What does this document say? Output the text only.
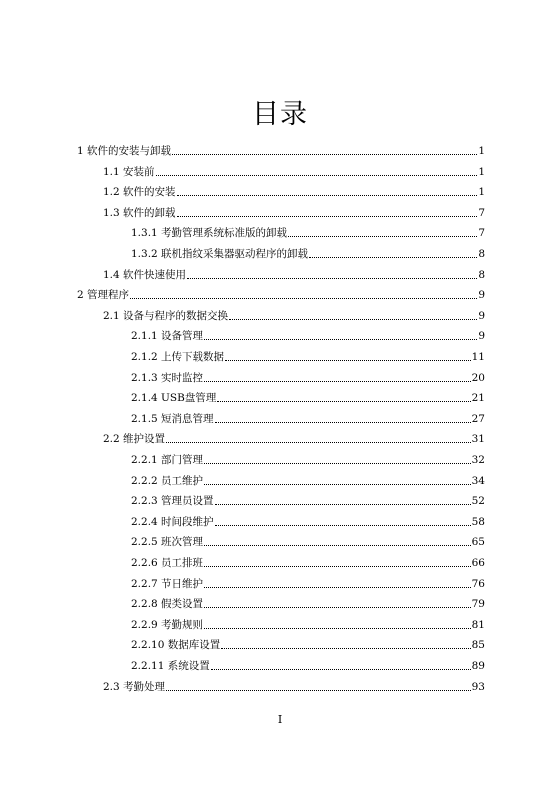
目录
1 软件的安装与卸载	1
1.1 安装前	1
1.2 软件的安装	1
1.3 软件的卸载	7
1.3.1 考勤管理系统标准版的卸载	7
1.3.2 联机指纹采集器驱动程序的卸载	8
1.4 软件快速使用	8
2 管理程序	9
2.1 设备与程序的数据交换	9
2.1.1 设备管理	9
2.1.2 上传下载数据	11
2.1.3 实时监控	20
2.1.4 USB盘管理	21
2.1.5 短消息管理	27
2.2 维护设置	31
2.2.1 部门管理	32
2.2.2 员工维护	34
2.2.3 管理员设置	52
2.2.4 时间段维护	58
2.2.5 班次管理	65
2.2.6 员工排班	66
2.2.7 节日维护	76
2.2.8 假类设置	79
2.2.9 考勤规则	81
2.2.10 数据库设置	85
2.2.11 系统设置	89
2.3 考勤处理	93
I
